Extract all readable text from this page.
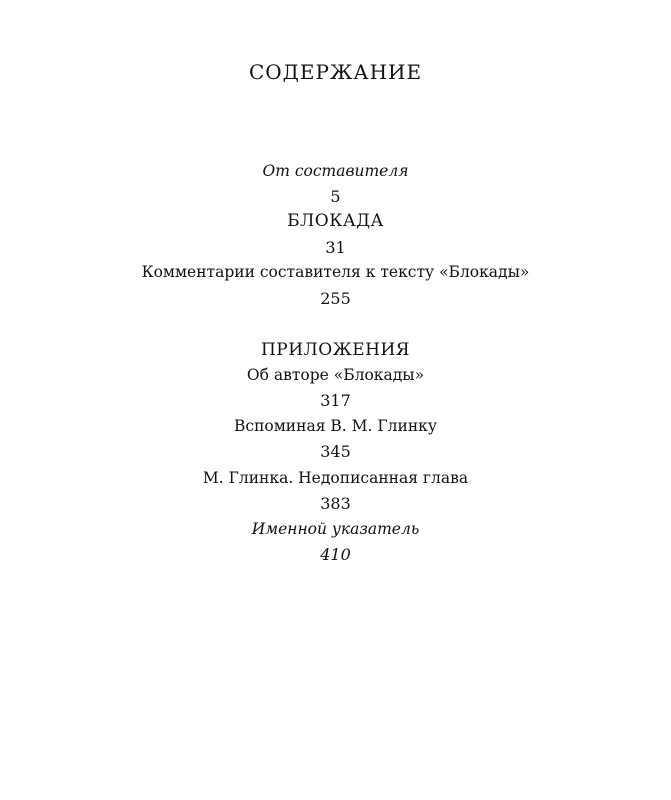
СОДЕРЖАНИЕ
От составителя
5
БЛОКАДА
31
Комментарии составителя к тексту «Блокады»
255
ПРИЛОЖЕНИЯ
Об авторе «Блокады»
317
Вспоминая В. М. Глинку
345
М. Глинка. Недописанная глава
383
Именной указатель
410
